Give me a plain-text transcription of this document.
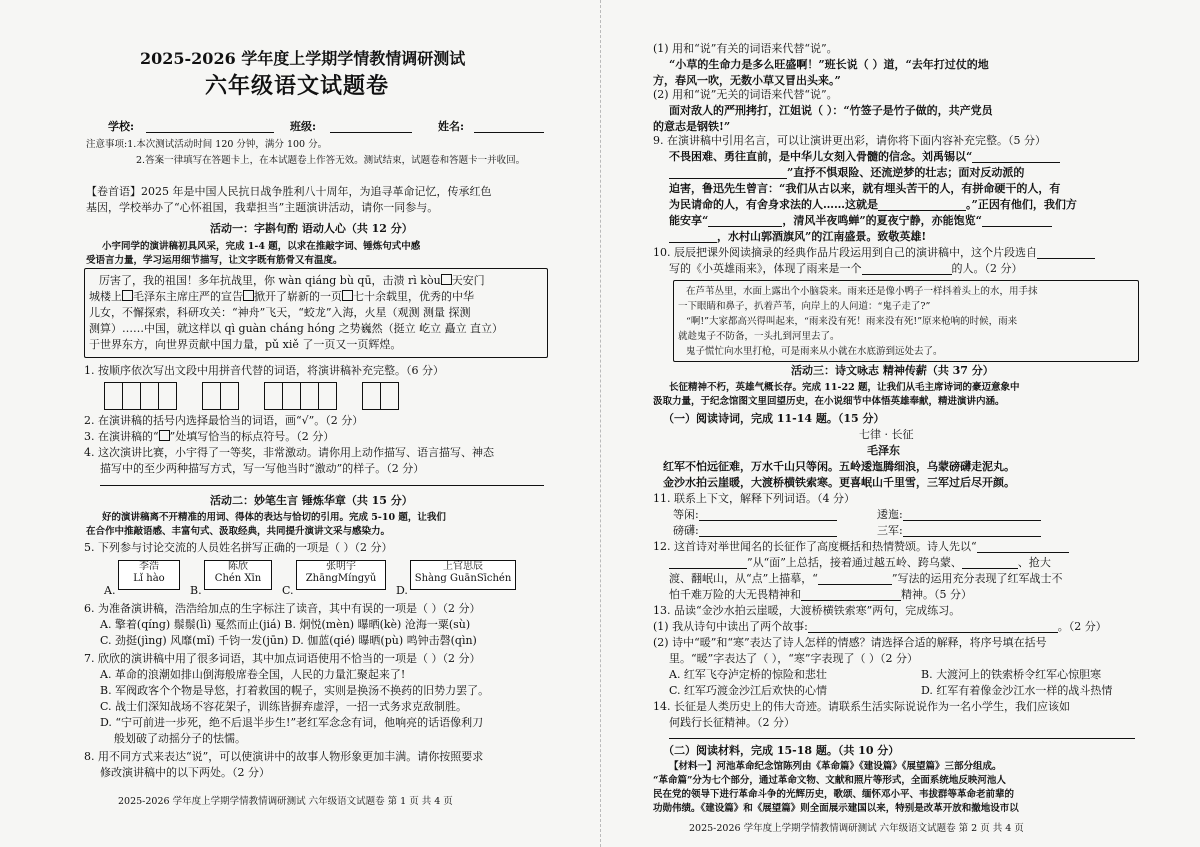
2025-2026 学年度上学期学情教情调研测试
六年级语文试题卷
学校:	班级:	姓名:
注意事项:1.本次测试活动时间 120 分钟，满分 100 分。
2.答案一律填写在答题卡上，在本试题卷上作答无效。测试结束，试题卷和答题卡一并收回。
【卷首语】2025 年是中国人民抗日战争胜利八十周年，为追寻革命记忆，传承红色
基因，学校举办了“心怀祖国，我辈担当”主题演讲活动，请你一同参与。
活动一：字斟句酌 语动人心（共 12 分）
小宇同学的演讲稿初具风采，完成 1-4 题，以求在推敲字词、锤炼句式中感
受语言力量，学习运用细节描写，让文字既有筋骨又有温度。
厉害了，我的祖国！多年抗战里，你 wàn qiáng bù qū，击溃 rì kòu 天安门
城楼上 毛泽东主席庄严的宣告 掀开了崭新的一页 七十余载里，优秀的中华
儿女，不懈探索，科研攻关：“神舟”飞天，“蛟龙”入海，火星（观测 测量 探测
测算）……中国，就这样以 qì guàn cháng hóng 之势巍然（挺立 屹立 矗立 直立）
于世界东方，向世界贡献中国力量，pǔ xiě 了一页又一页辉煌。
1. 按顺序依次写出文段中用拼音代替的词语，将演讲稿补充完整。（6 分）
2. 在演讲稿的括号内选择最恰当的词语，画“√”。（2 分）
3. 在演讲稿的“ ”处填写恰当的标点符号。（2 分）
4. 这次演讲比赛，小宇得了一等奖，非常激动。请你用上动作描写、语言描写、神态
描写中的至少两种描写方式，写一写他当时“激动”的样子。（2 分）
活动二：妙笔生言 锤炼华章（共 15 分）
好的演讲稿离不开精准的用词、得体的表达与恰切的引用。完成 5-10 题，让我们
在合作中推敲语感、丰富句式、汲取经典，共同提升演讲文采与感染力。
5. 下列参与讨论交流的人员姓名拼写正确的一项是（ ）（2 分）
A.
李浩
Lǐ hào
B.
陈欣
Chén Xīn
C.
张明宇
ZhāngMíngyǔ
D.
上官思辰
Shàng GuānSīchén
6. 为准备演讲稿，浩浩给加点的生字标注了读音，其中有误的一项是（ ）（2 分）
A. 擎着(qíng) 鬃鬃(lì) 戛然而止(jiá) B. 炯悦(mèn) 曝晒(kè) 沧海一粟(sù)
C. 劲挺(jìng) 风靡(mǐ) 千钧一发(jūn) D. 伽蓝(qié) 曝晒(pù) 鸣钟击磬(qìn)
7. 欣欣的演讲稿中用了很多词语，其中加点词语使用不恰当的一项是（ ）（2 分）
A. 革命的浪潮如排山倒海般席卷全国，人民的力量汇聚起来了!
B. 军阀政客个个物是导悠，打着救国的幌子，实则是换汤不换药的旧势力罢了。
C. 战士们深知战场不容花架子，训练皆摒弃虚浮，一招一式务求克敌制胜。
D. “宁可前进一步死，绝不后退半步生!”老红军念念有词，他响亮的话语像利刀
般划破了动摇分子的怯懦。
8. 用不同方式来表达“说”，可以使演讲中的故事人物形象更加丰满。请你按照要求
修改演讲稿中的以下两处。（2 分）
2025-2026 学年度上学期学情教情调研测试 六年级语文试题卷 第 1 页 共 4 页
(1) 用和“说”有关的词语来代替“说”。
“小草的生命力是多么旺盛啊！”班长说（ ）道，“去年打过仗的地
方，春风一吹，无数小草又冒出头来。”
(2) 用和“说”无关的词语来代替“说”。
面对敌人的严刑拷打，江姐说（ ）：“竹签子是竹子做的，共产党员
的意志是钢铁!”
9. 在演讲稿中引用名言，可以让演讲更出彩，请你将下面内容补充完整。（5 分）
不畏困难、勇往直前，是中华儿女刻入骨髓的信念。刘禹锡以“
”直抒不惧艰险、还流逆梦的壮志；面对反动派的
迫害，鲁迅先生曾言：“我们从古以来，就有埋头苦干的人，有拼命硬干的人，有
为民请命的人，有舍身求法的人……这就是	。”正因有他们，我们方
能安享“	，清风半夜鸣蝉”的夏夜宁静，亦能饱览“
，水村山郭酒旗风”的江南盛景。致敬英雄!
10. 辰辰把课外阅读摘录的经典作品片段运用到自己的演讲稿中，这个片段选自
写的《小英雄雨来》，体现了雨来是一个	的人。（2 分）
在芦苇丛里，水面上露出个小脑袋来。雨来还是像小鸭子一样抖着头上的水，用手抹
一下眼睛和鼻子，扒着芦苇，向岸上的人问道：“鬼子走了?”
“啊!”大家都高兴得叫起来，“雨来没有死！雨来没有死!”原来枪响的时候，雨来
就趁鬼子不防备，一头扎到河里去了。
鬼子慌忙向水里打枪，可是雨来从小就在水底游到远处去了。
活动三：诗文咏志 精神传薪（共 37 分）
长征精神不朽，英雄气概长存。完成 11-22 题，让我们从毛主席诗词的豪迈意象中
汲取力量，于纪念馆图文里回望历史，在小说细节中体悟英雄奉献，精进演讲内涵。
（一）阅读诗词，完成 11-14 题。（15 分）
七律 · 长征
毛泽东
红军不怕远征难，万水千山只等闲。五岭逶迤腾细浪，乌蒙磅礴走泥丸。
金沙水拍云崖暖，大渡桥横铁索寒。更喜岷山千里雪，三军过后尽开颜。
11. 联系上下文，解释下列词语。（4 分）
等闲:	逶迤:
磅礴:	三军:
12. 这首诗对举世闻名的长征作了高度概括和热情赞颂。诗人先以“
”从“面”上总括，接着通过越五岭、跨乌蒙、	、抢大
渡、翻岷山，从“点”上描摹，“	”写法的运用充分表现了红军战士不
怕千难万险的大无畏精神和	精神。（5 分）
13. 品读“金沙水拍云崖暖，大渡桥横铁索寒”两句，完成练习。
(1) 我从诗句中读出了两个故事:	。（2 分）
(2) 诗中“暖”和“寒”表达了诗人怎样的情感？请选择合适的解释，将序号填在括号
里。“暖”字表达了（ ），“寒”字表现了（ ）（2 分）
A. 红军飞夺泸定桥的惊险和悲壮	B. 大渡河上的铁索桥令红军心惊胆寒
C. 红军巧渡金沙江后欢快的心情	D. 红军有着像金沙江水一样的战斗热情
14. 长征是人类历史上的伟大奇迹。请联系生活实际说说作为一名小学生，我们应该如
何践行长征精神。（2 分）
（二）阅读材料，完成 15-18 题。（共 10 分）
【材料一】河池革命纪念馆陈列由《革命篇》《建设篇》《展望篇》三部分组成。
“革命篇”分为七个部分，通过革命文物、文献和照片等形式，全面系统地反映河池人
民在党的领导下进行革命斗争的光辉历史，歌颂、缅怀邓小平、韦拔群等革命老前辈的
功勋伟绩。《建设篇》和《展望篇》则全面展示建国以来，特别是改革开放和撤地设市以
2025-2026 学年度上学期学情教情调研测试 六年级语文试题卷 第 2 页 共 4 页
